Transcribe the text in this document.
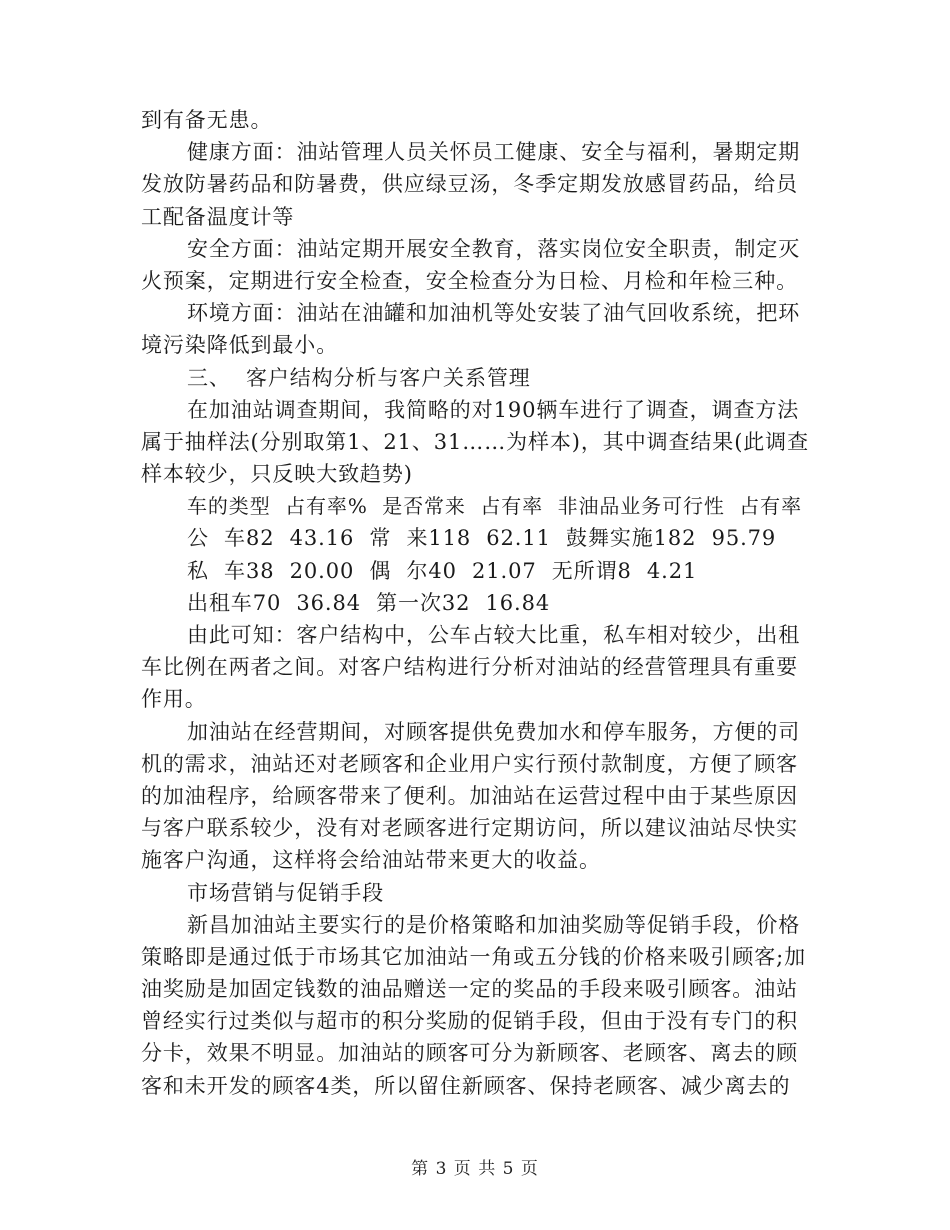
到有备无患。
健康方面：油站管理人员关怀员工健康、安全与福利，暑期定期
发放防暑药品和防暑费，供应绿豆汤，冬季定期发放感冒药品，给员
工配备温度计等
安全方面：油站定期开展安全教育，落实岗位安全职责，制定灭
火预案，定期进行安全检查，安全检查分为日检、月检和年检三种。
环境方面：油站在油罐和加油机等处安装了油气回收系统，把环
境污染降低到最小。
三、  客户结构分析与客户关系管理
在加油站调查期间，我简略的对190辆车进行了调查，调查方法
属于抽样法(分别取第1、21、31……为样本)，其中调查结果(此调查
样本较少，只反映大致趋势)
车的类型  占有率%  是否常来  占有率  非油品业务可行性  占有率
公  车82  43.16  常  来118  62.11  鼓舞实施182  95.79
私  车38  20.00  偶  尔40  21.07  无所谓8  4.21
出租车70  36.84  第一次32  16.84
由此可知：客户结构中，公车占较大比重，私车相对较少，出租
车比例在两者之间。对客户结构进行分析对油站的经营管理具有重要
作用。
加油站在经营期间，对顾客提供免费加水和停车服务，方便的司
机的需求，油站还对老顾客和企业用户实行预付款制度，方便了顾客
的加油程序，给顾客带来了便利。加油站在运营过程中由于某些原因
与客户联系较少，没有对老顾客进行定期访问，所以建议油站尽快实
施客户沟通，这样将会给油站带来更大的收益。
市场营销与促销手段
新昌加油站主要实行的是价格策略和加油奖励等促销手段，价格
策略即是通过低于市场其它加油站一角或五分钱的价格来吸引顾客;加
油奖励是加固定钱数的油品赠送一定的奖品的手段来吸引顾客。油站
曾经实行过类似与超市的积分奖励的促销手段，但由于没有专门的积
分卡，效果不明显。加油站的顾客可分为新顾客、老顾客、离去的顾
客和未开发的顾客4类，所以留住新顾客、保持老顾客、减少离去的
第 3 页 共 5 页
